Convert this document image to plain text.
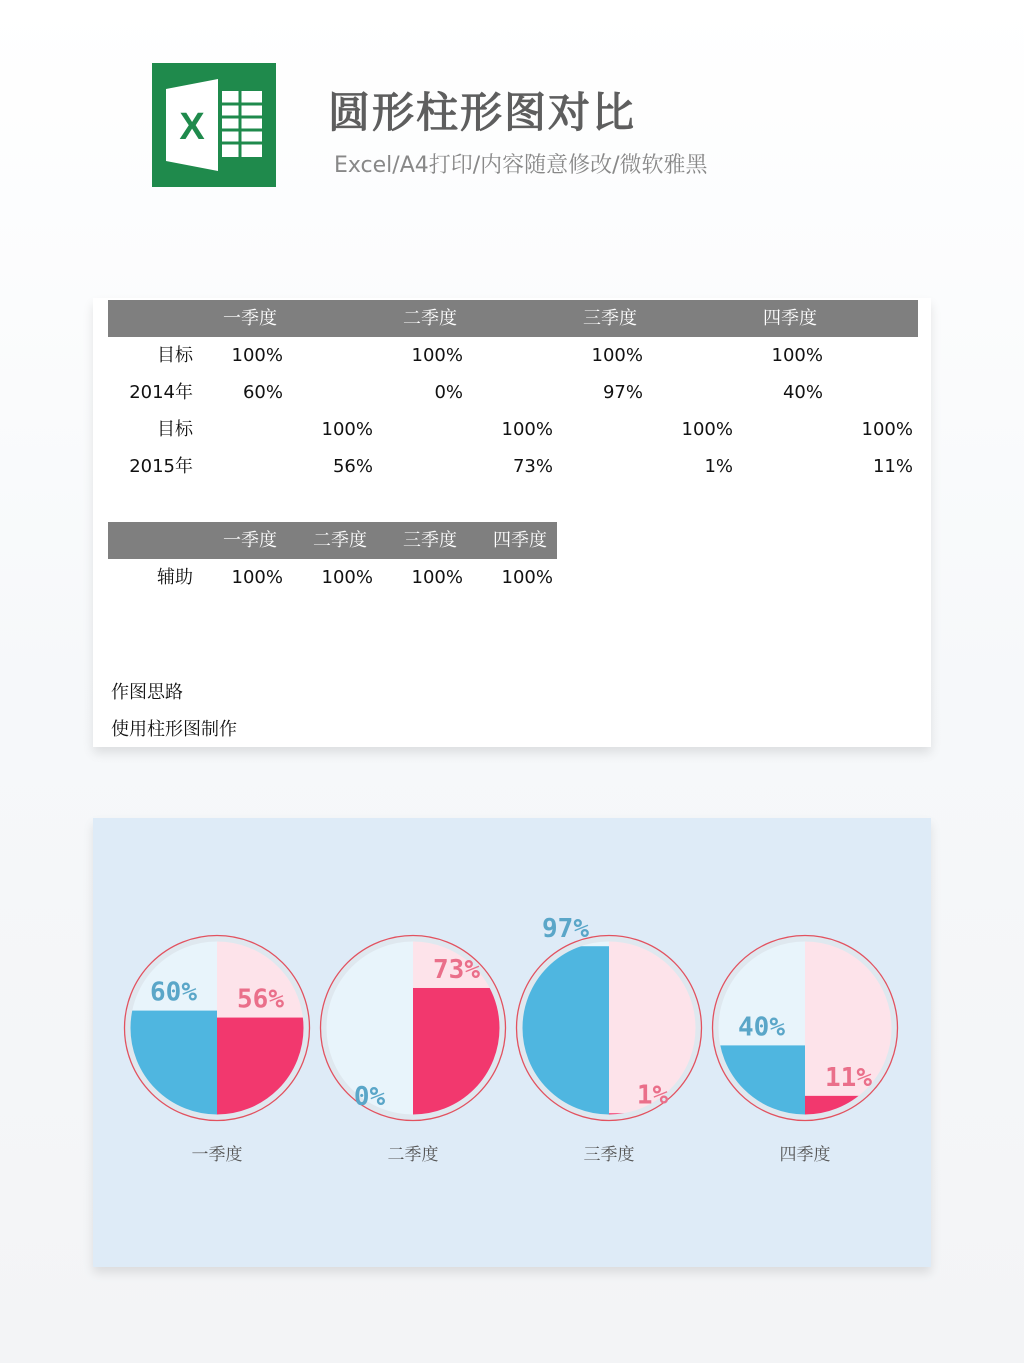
X	圆形柱形图对比
Excel/A4打印/内容随意修改/微软雅黑
一季度	二季度	三季度	四季度
目标	100%	100%	100%	100%
2014年	60%	0%	97%	40%
目标	100%	100%	100%	100%
2015年	56%	73%	1%	11%
一季度 二季度 三季度 四季度
辅助	100%	100%	100%	100%
作图思路
使用柱形图制作
60% 56%
一季度
0%
73%
二季度
97%
1%
三季度
40%
11%
四季度
